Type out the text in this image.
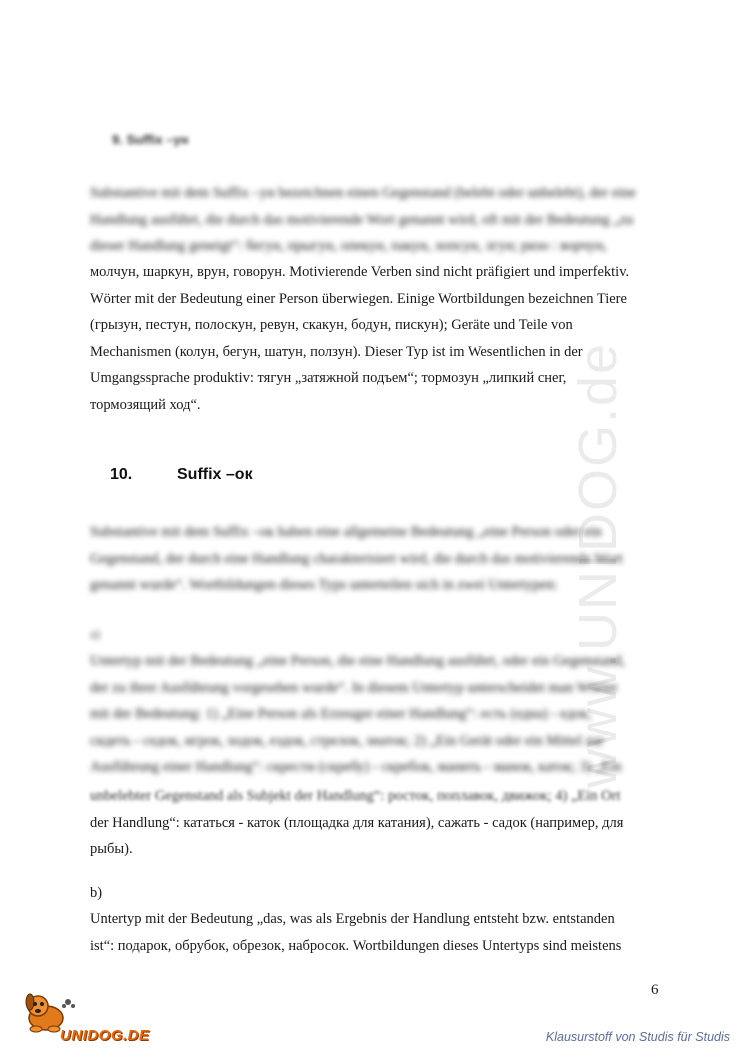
www.UNIDOG.de
9. Suffix –ун
Substantive mit dem Suffix –ун bezeichnen einen Gegenstand (belebt oder unbelebt), der eine
Handlung ausführt, die durch das motivierende Wort genannt wird, oft mit der Bedeutung „zu
dieser Handlung geneigt“: бегун, прыгун, опекун, пакун, лопсун, лгун; ризо : ворчун,
молчун, шаркун, врун, говорун. Motivierende Verben sind nicht präfigiert und imperfektiv.
Wörter mit der Bedeutung einer Person überwiegen. Einige Wortbildungen bezeichnen Tiere
(грызун, пестун, полоскун, ревун, скакун, бодун, пискун); Geräte und Teile von
Mechanismen (колун, бегун, шатун, ползун). Dieser Typ ist im Wesentlichen in der
Umgangssprache produktiv: тягун „затяжной подъем“; тормозун „липкий снег,
тормозящий ход“.
10.	Suffix –ок
Substantive mit dem Suffix –ок haben eine allgemeine Bedeutung „eine Person oder ein
Gegenstand, der durch eine Handlung charakterisiert wird, die durch das motivierende Wort
genannt wurde“. Wortbildungen dieses Typs unterteilen sich in zwei Untertypen:
a)
Untertyp mit der Bedeutung „eine Person, die eine Handlung ausführt, oder ein Gegenstand,
der zu ihrer Ausführung vorgesehen wurde“. In diesem Untertyp unterscheidet man Wörter
mit der Bedeutung: 1) „Eine Person als Erzeuger einer Handlung“: есть (една) - едок,
сидеть - седок, игрок, ходок, ездок, стрелок, знаток; 2) „Ein Gerät oder ein Mittel zur
Ausführung einer Handlung“: скрести (скребу) - скребок, манить - манок, каток; 3) „Ein
unbelebter Gegenstand als Subjekt der Handlung“: росток, поплавок, движок; 4) „Ein Ort
der Handlung“: кататься - каток (площадка для катания), сажать - садок (например, для
рыбы).
b)
Untertyp mit der Bedeutung „das, was als Ergebnis der Handlung entsteht bzw. entstanden
ist“: подарок, обрубок, обрезок, набросок. Wortbildungen dieses Untertyps sind meistens
6
UNIDOG.DE	Klausurstoff von Studis für Studis
